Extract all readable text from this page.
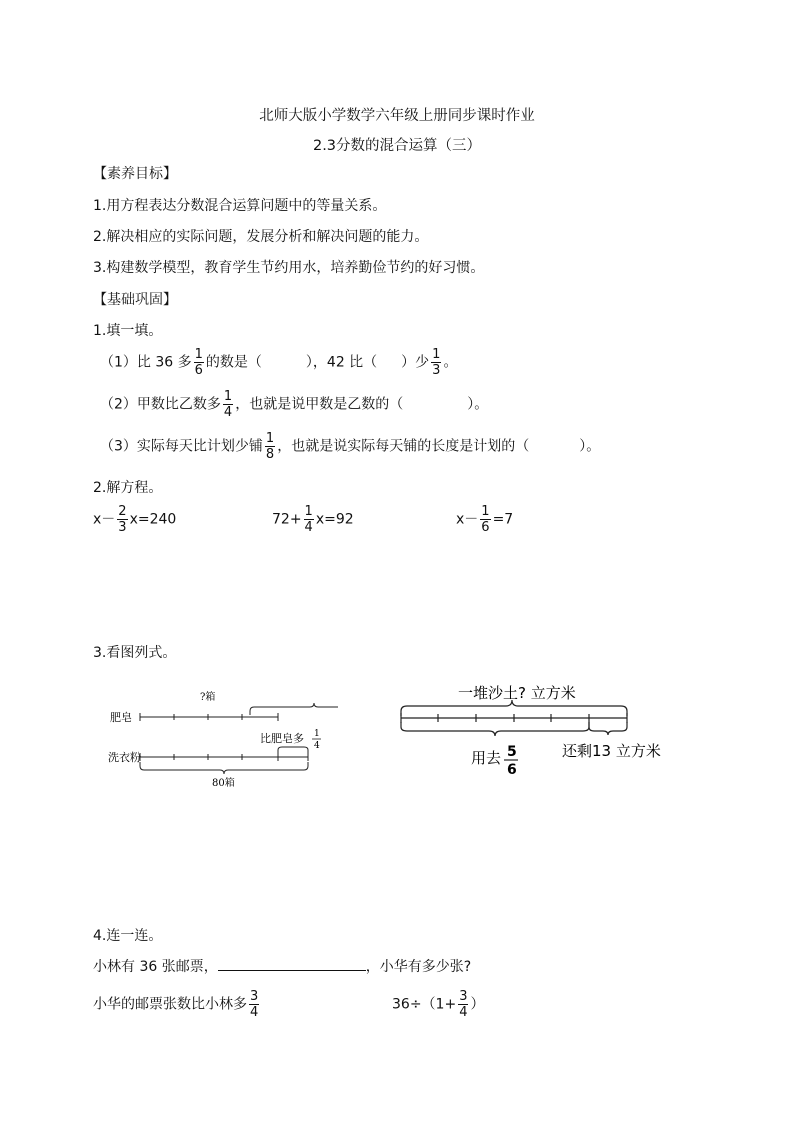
北师大版小学数学六年级上册同步课时作业
2.3分数的混合运算（三）
【素养目标】
1.用方程表达分数混合运算问题中的等量关系。
2.解决相应的实际问题，发展分析和解决问题的能力。
3.构建数学模型，教育学生节约用水，培养勤俭节约的好习惯。
【基础巩固】
1.填一填。
（1）比 36 多 $\frac{1}{6}$ 的数是（	），42 比（ ）少 $\frac{1}{3}$ 。
（2）甲数比乙数多 $\frac{1}{4}$ ，也就是说甲数是乙数的（	）。
（3）实际每天比计划少铺 $\frac{1}{8}$ ，也就是说实际每天铺的长度是计划的（	）。
2.解方程。
$x- \frac{2}{3} x=240$	$72+ \frac{1}{4} x=92$	$x- \frac{1}{6} =7$
3.看图列式。
?箱
肥皂
洗衣粉
比肥皂多 1
4
80箱
一堆沙土? 立方米
用去 5
6
还剩13 立方米
4.连一连。
小林有 36 张邮票，	，小华有多少张?
小华的邮票张数比小林多 $\frac{3}{4}$	$36\div(1+ \frac{3}{4}$ ）
